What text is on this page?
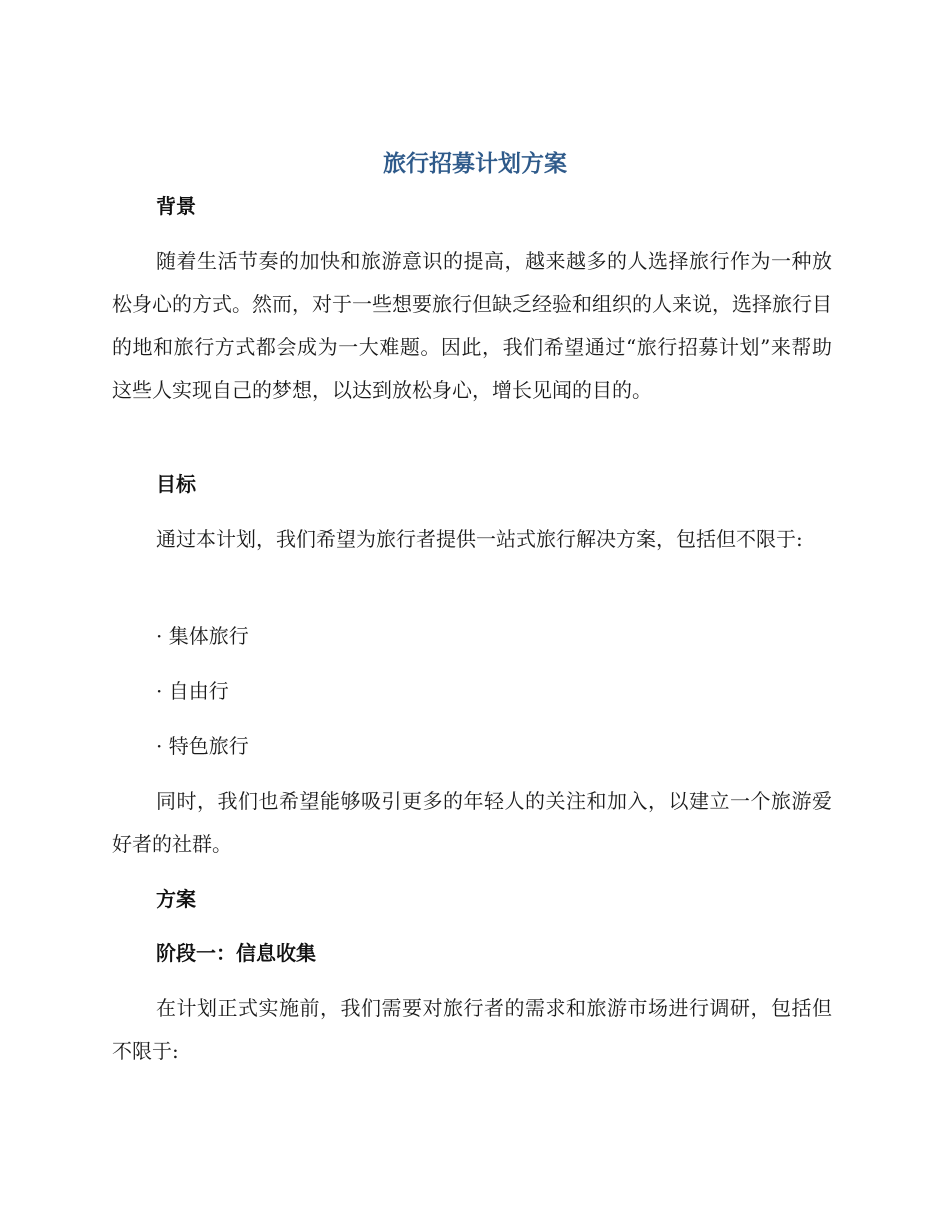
旅行招募计划方案
背景
随着生活节奏的加快和旅游意识的提高，越来越多的人选择旅行作为一种放松身心的方式。然而，对于一些想要旅行但缺乏经验和组织的人来说，选择旅行目的地和旅行方式都会成为一大难题。因此，我们希望通过“旅行招募计划”来帮助这些人实现自己的梦想，以达到放松身心，增长见闻的目的。
目标
通过本计划，我们希望为旅行者提供一站式旅行解决方案，包括但不限于:
· 集体旅行
· 自由行
· 特色旅行
同时，我们也希望能够吸引更多的年轻人的关注和加入，以建立一个旅游爱好者的社群。
方案
阶段一：信息收集
在计划正式实施前，我们需要对旅行者的需求和旅游市场进行调研，包括但不限于:
